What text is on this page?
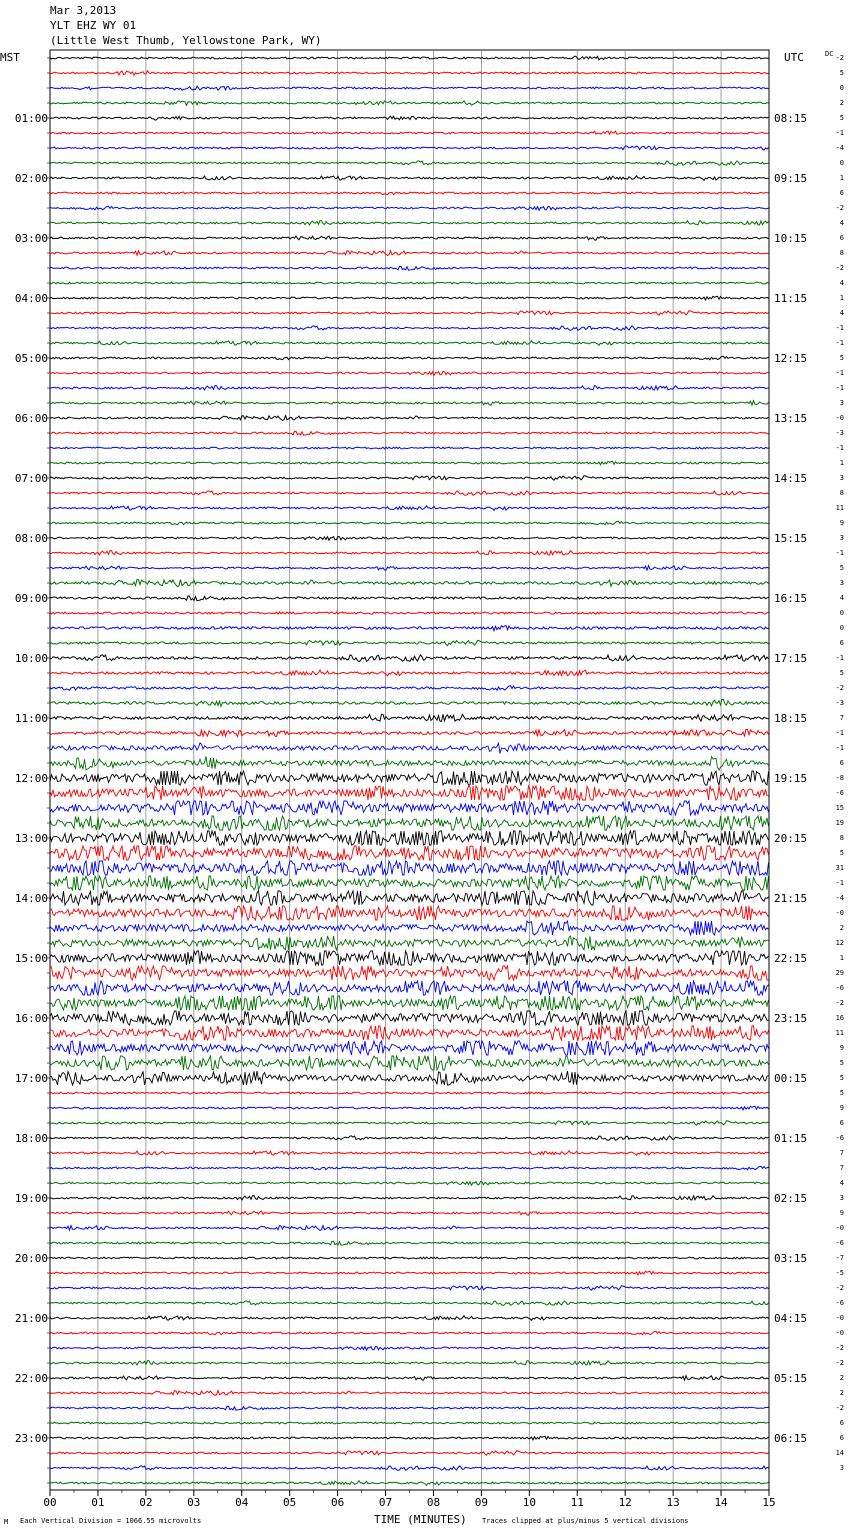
Mar 3,2013
YLT EHZ WY 01
(Little West Thumb, Yellowstone Park, WY)
MST	UTC
00	01	02	03	04	05	06	07	08	09	10	11	12	13	14	15
-2
5
0
2
5
-1
-4
0
1
6
-2
4
6
8
-2
4
1
4
-1
-1
5
-1
-1
3
-0
-3
-1
1
3
8
11
9
3
-1
5
3
4
0
0
6
-1
5
-2
-3
7
-1
-1
6
-8
-6
15
19
8
5
31
-1
-4
-0
2
12
1
29
-6
-2
16
11
9
5
5
5
9
6
-6
7
7
4
3
9
-0
-6
-7
-5
-2
-6
-0
-0
-2
-2
2
2
-2
6
6
14
3
DC
01:00
02:00
03:00
04:00
05:00
06:00
07:00
08:00
09:00
10:00
11:00
12:00
13:00
14:00
15:00
16:00
17:00
18:00
19:00
20:00
21:00
22:00
23:00
08:15
09:15
10:15
11:15
12:15
13:15
14:15
15:15
16:15
17:15
18:15
19:15
20:15
21:15
22:15
23:15
00:15
01:15
02:15
03:15
04:15
05:15
06:15
M Each Vertical Division = 1066.55 microvolts	TIME (MINUTES) Traces clipped at plus/minus 5 vertical divisions
